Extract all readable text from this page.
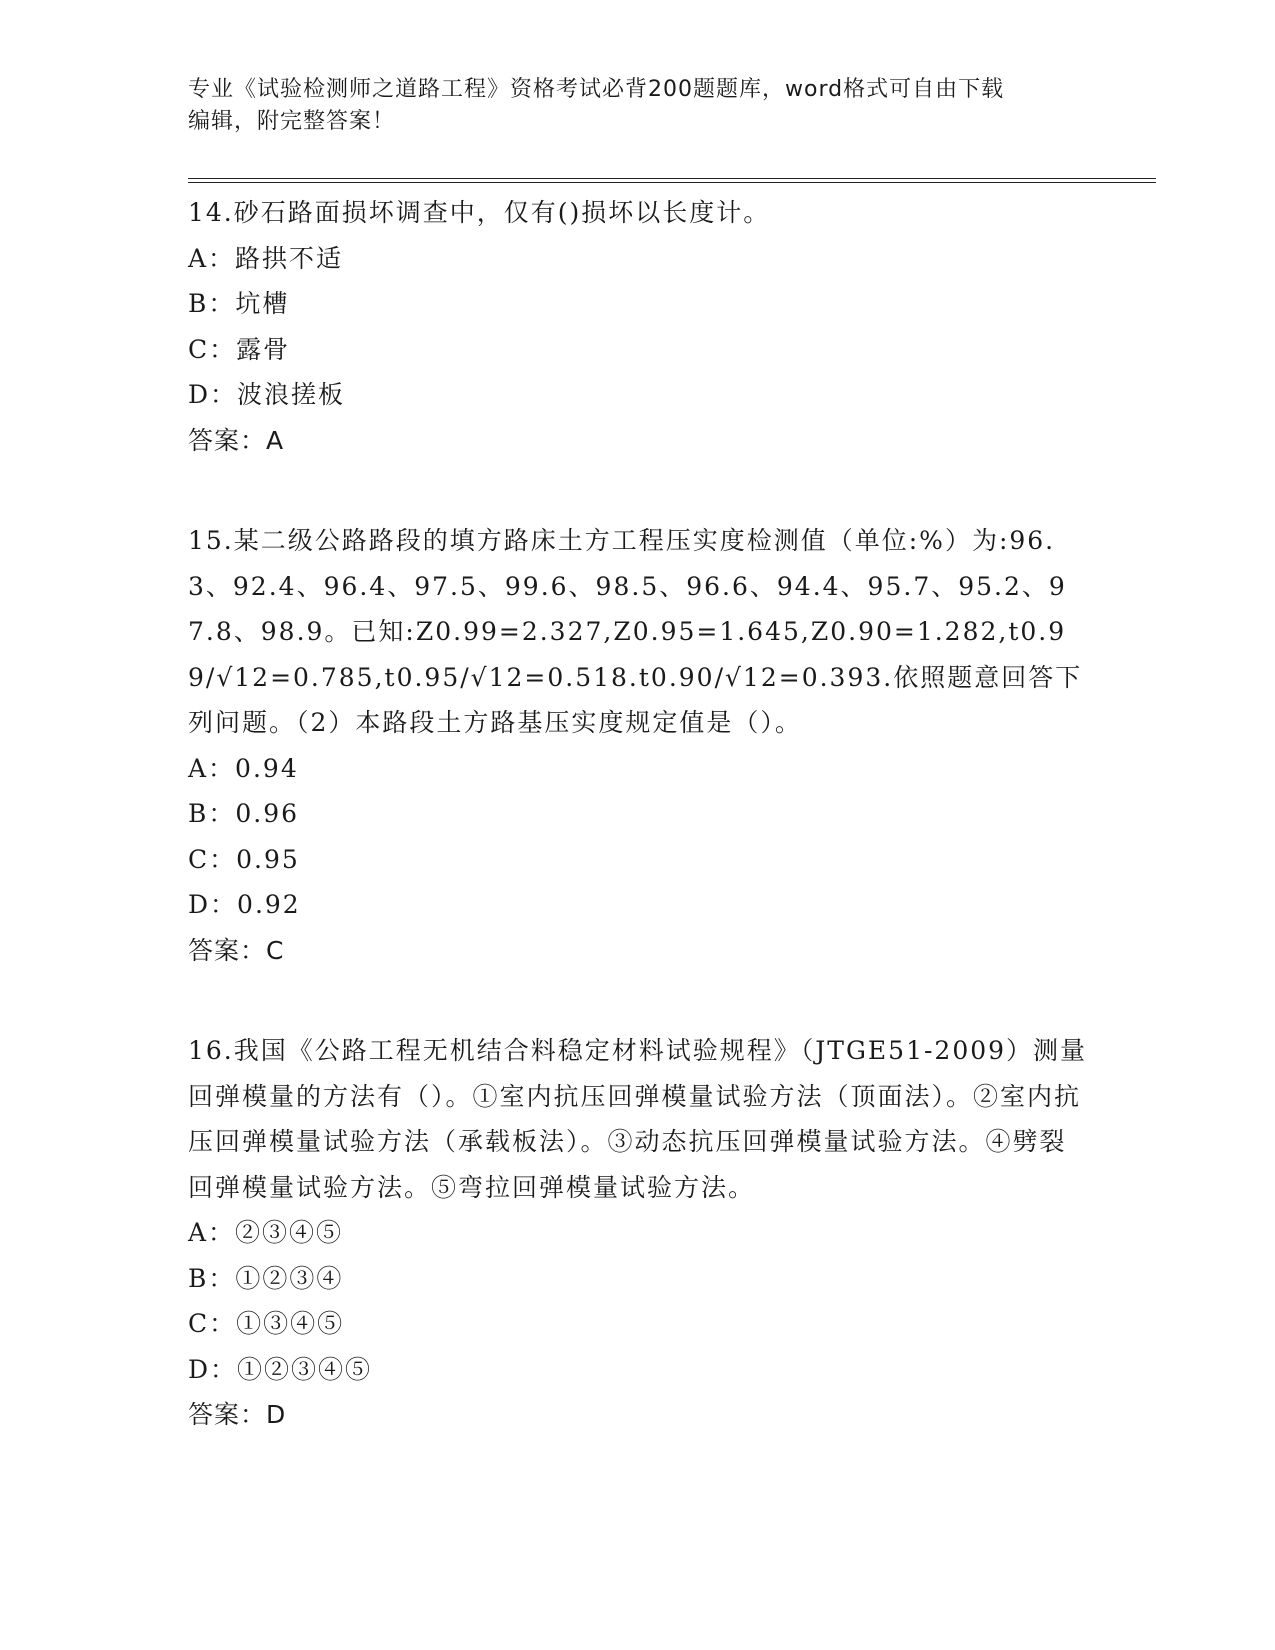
专业《试验检测师之道路工程》资格考试必背200题题库，word格式可自由下载
编辑，附完整答案！

14.砂石路面损坏调查中，仅有()损坏以长度计。

A：路拱不适

B：坑槽

C：露骨

D：波浪搓板

答案：A

15.某二级公路路段的填方路床土方工程压实度检测值（单位:%）为:96.3、92.4、96.4、97.5、99.6、98.5、96.6、94.4、95.7、95.2、97.8、98.9。已知:Z0.99=2.327,Z0.95=1.645,Z0.90=1.282,t0.99/√12=0.785,t0.95/√12=0.518.t0.90/√12=0.393.依照题意回答下列问题。（2）本路段土方路基压实度规定值是（）。

A：0.94

B：0.96

C：0.95

D：0.92

答案：C

16.我国《公路工程无机结合料稳定材料试验规程》（JTGE51-2009）测量回弹模量的方法有（）。①室内抗压回弹模量试验方法（顶面法）。②室内抗压回弹模量试验方法（承载板法）。③动态抗压回弹模量试验方法。④劈裂回弹模量试验方法。⑤弯拉回弹模量试验方法。

A：②③④⑤

B：①②③④

C：①③④⑤

D：①②③④⑤

答案：D
